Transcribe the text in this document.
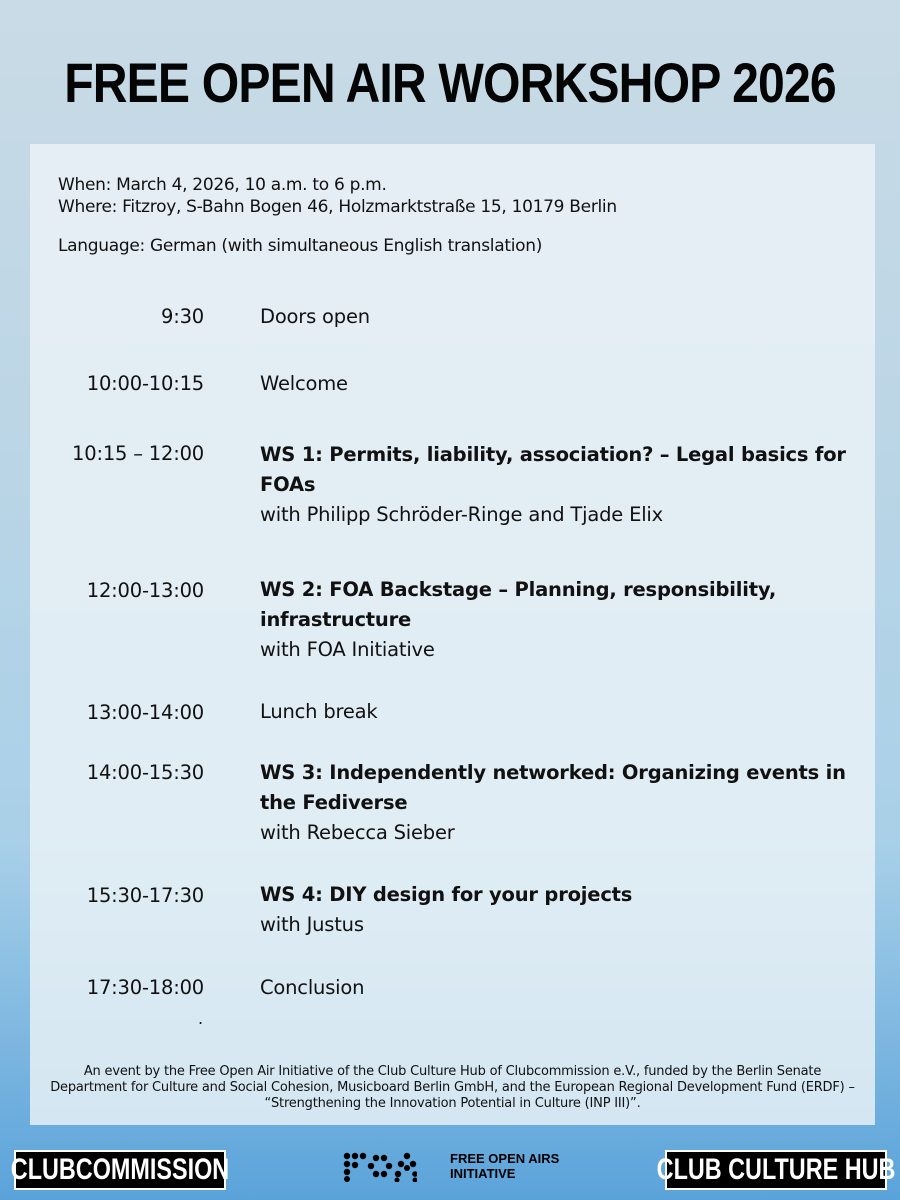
FREE OPEN AIR WORKSHOP 2026
When: March 4, 2026, 10 a.m. to 6 p.m.
Where: Fitzroy, S-Bahn Bogen 46, Holzmarktstraße 15, 10179 Berlin
Language: German (with simultaneous English translation)
9:30	Doors open
10:00-10:15	Welcome
10:15 – 12:00	WS 1: Permits, liability, association? – Legal basics for FOAs
with Philipp Schröder-Ringe and Tjade Elix
12:00-13:00	WS 2: FOA Backstage – Planning, responsibility, infrastructure
with FOA Initiative
13:00-14:00	Lunch break
14:00-15:30	WS 3: Independently networked: Organizing events in the Fediverse
with Rebecca Sieber
15:30-17:30	WS 4: DIY design for your projects
with Justus
17:30-18:00	Conclusion
.
An event by the Free Open Air Initiative of the Club Culture Hub of Clubcommission e.V., funded by the Berlin Senate Department for Culture and Social Cohesion, Musicboard Berlin GmbH, and the European Regional Development Fund (ERDF) – “Strengthening the Innovation Potential in Culture (INP III)”.
CLUBCOMMISSION	FREE OPEN AIRS
INITIATIVE	CLUB CULTURE HUB
